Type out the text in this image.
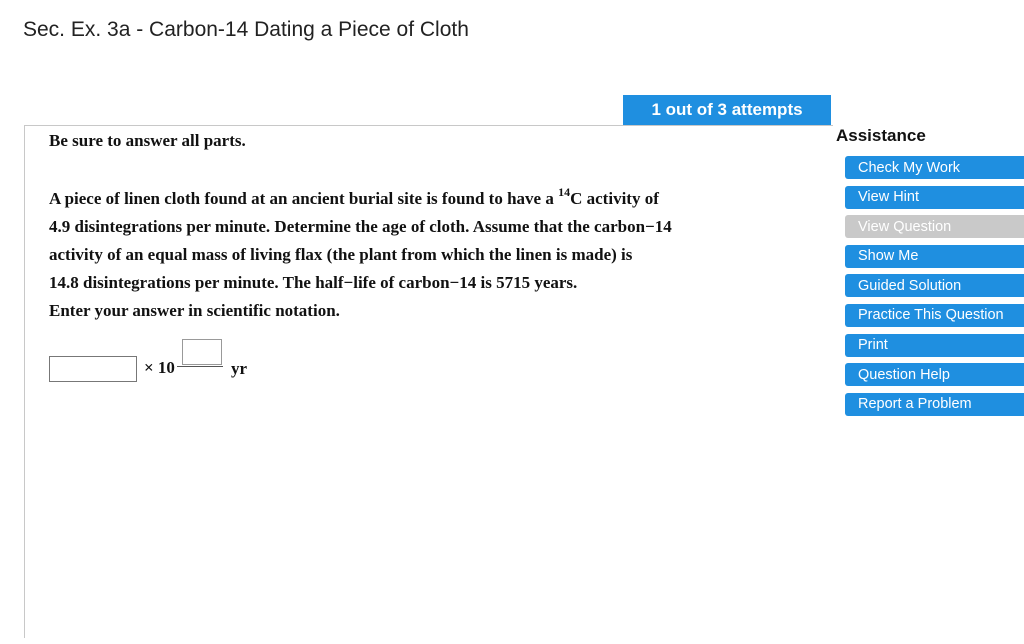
Sec. Ex. 3a - Carbon-14 Dating a Piece of Cloth
1 out of 3 attempts
Be sure to answer all parts.

A piece of linen cloth found at an ancient burial site is found to have a $^{14}$C activity of

4.9 disintegrations per minute. Determine the age of cloth. Assume that the carbon−14

activity of an equal mass of living flax (the plant from which the linen is made) is

14.8 disintegrations per minute. The half−life of carbon−14 is 5715 years.

Enter your answer in scientific notation.

× 10	yr
Assistance
Check My Work
View Hint
View Question
Show Me
Guided Solution
Practice This Question
Print
Question Help
Report a Problem
